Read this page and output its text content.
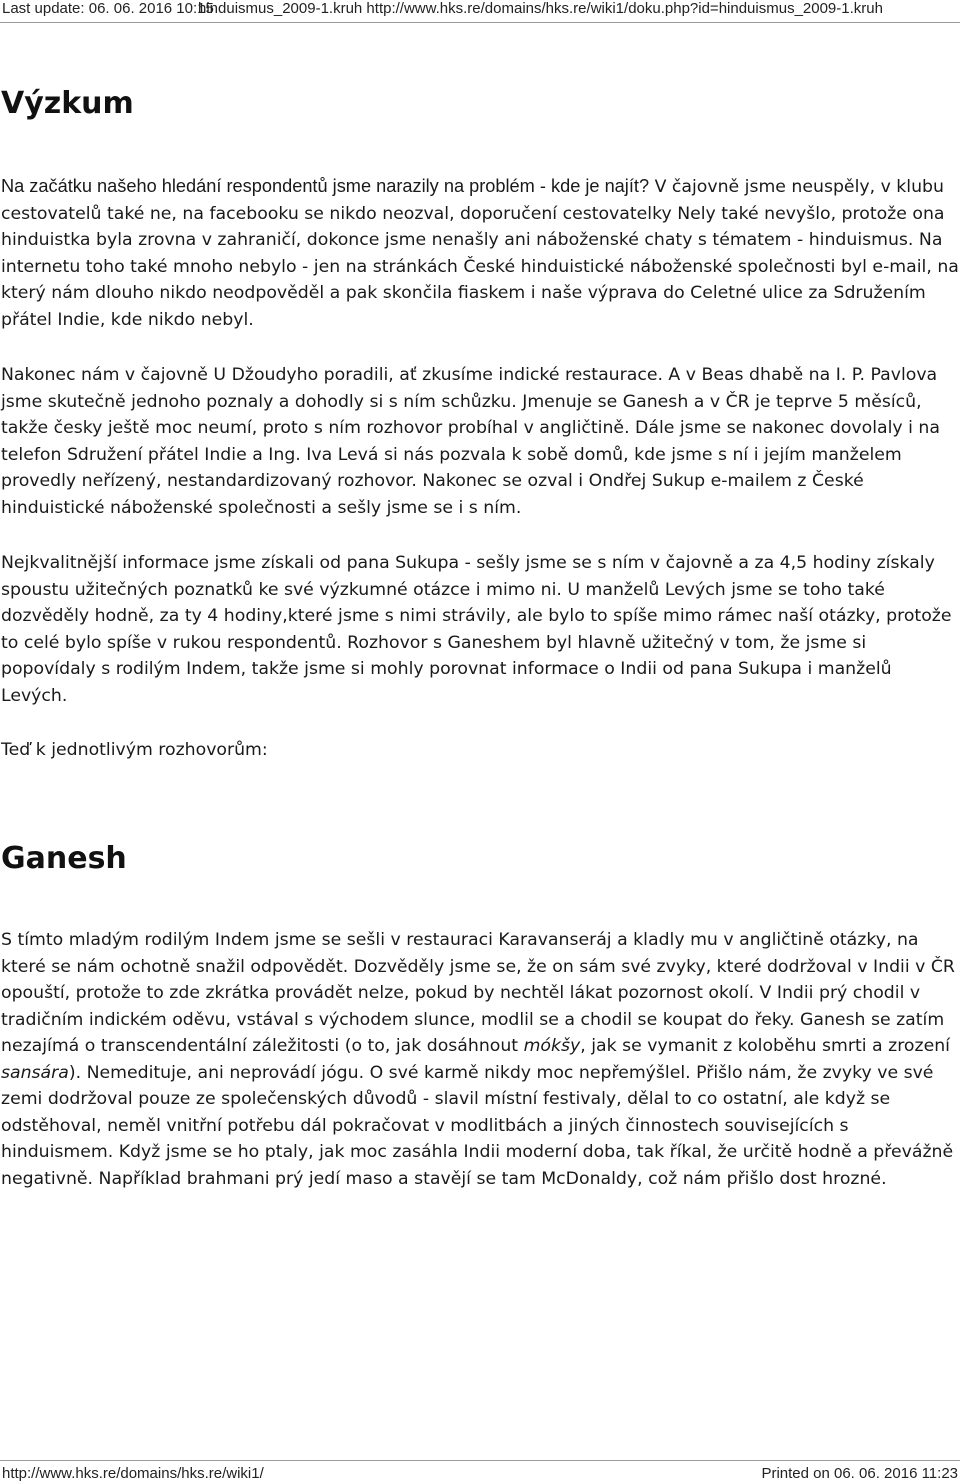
Last update: 06. 06. 2016 10:15
hinduismus_2009-1.kruh http://www.hks.re/domains/hks.re/wiki1/doku.php?id=hinduismus_2009-1.kruh
Výzkum

Na začátku našeho hledání respondentů jsme narazily na problém - kde je najít? V čajovně jsme neuspěly, v klubu cestovatelů také ne, na facebooku se nikdo neozval, doporučení cestovatelky Nely také nevyšlo, protože ona hinduistka byla zrovna v zahraničí, dokonce jsme nenašly ani náboženské chaty s tématem - hinduismus. Na internetu toho také mnoho nebylo - jen na stránkách České hinduistické náboženské společnosti byl e-mail, na který nám dlouho nikdo neodpověděl a pak skončila fiaskem i naše výprava do Celetné ulice za Sdružením přátel Indie, kde nikdo nebyl.

Nakonec nám v čajovně U Džoudyho poradili, ať zkusíme indické restaurace. A v Beas dhabě na I. P. Pavlova jsme skutečně jednoho poznaly a dohodly si s ním schůzku. Jmenuje se Ganesh a v ČR je teprve 5 měsíců, takže česky ještě moc neumí, proto s ním rozhovor probíhal v angličtině. Dále jsme se nakonec dovolaly i na telefon Sdružení přátel Indie a Ing. Iva Levá si nás pozvala k sobě domů, kde jsme s ní i jejím manželem provedly neřízený, nestandardizovaný rozhovor. Nakonec se ozval i Ondřej Sukup e-mailem z České hinduistické náboženské společnosti a sešly jsme se i s ním.

Nejkvalitnější informace jsme získali od pana Sukupa - sešly jsme se s ním v čajovně a za 4,5 hodiny získaly spoustu užitečných poznatků ke své výzkumné otázce i mimo ni. U manželů Levých jsme se toho také dozvěděly hodně, za ty 4 hodiny,které jsme s nimi strávily, ale bylo to spíše mimo rámec naší otázky, protože to celé bylo spíše v rukou respondentů. Rozhovor s Ganeshem byl hlavně užitečný v tom, že jsme si popovídaly s rodilým Indem, takže jsme si mohly porovnat informace o Indii od pana Sukupa i manželů Levých.

Teď k jednotlivým rozhovorům:

Ganesh

S tímto mladým rodilým Indem jsme se sešli v restauraci Karavanseráj a kladly mu v angličtině otázky, na které se nám ochotně snažil odpovědět. Dozvěděly jsme se, že on sám své zvyky, které dodržoval v Indii v ČR opouští, protože to zde zkrátka provádět nelze, pokud by nechtěl lákat pozornost okolí. V Indii prý chodil v tradičním indickém oděvu, vstával s východem slunce, modlil se a chodil se koupat do řeky. Ganesh se zatím nezajímá o transcendentální záležitosti (o to, jak dosáhnout mókšy, jak se vymanit z koloběhu smrti a zrození sansára). Nemedituje, ani neprovádí jógu. O své karmě nikdy moc nepřemýšlel. Přišlo nám, že zvyky ve své zemi dodržoval pouze ze společenských důvodů - slavil místní festivaly, dělal to co ostatní, ale když se odstěhoval, neměl vnitřní potřebu dál pokračovat v modlitbách a jiných činnostech souvisejících s hinduismem. Když jsme se ho ptaly, jak moc zasáhla Indii moderní doba, tak říkal, že určitě hodně a převážně negativně. Například brahmani prý jedí maso a stavějí se tam McDonaldy, což nám přišlo dost hrozné.

http://www.hks.re/domains/hks.re/wiki1/	Printed on 06. 06. 2016 11:23
